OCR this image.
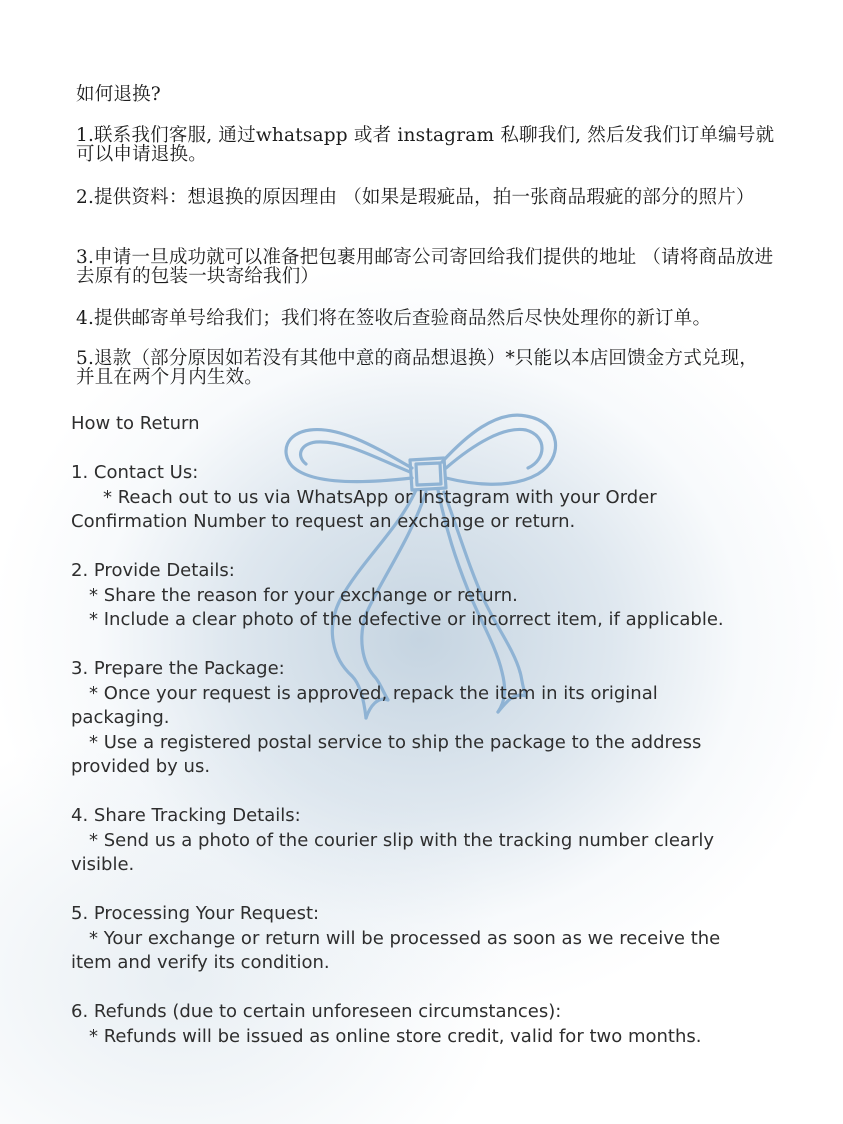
如何退换?
1.联系我们客服, 通过whatsapp 或者 instagram 私聊我们, 然后发我们订单编号就可以申请退换。
2.提供资料：想退换的原因理由 （如果是瑕疵品，拍一张商品瑕疵的部分的照片）
3.申请一旦成功就可以准备把包裹用邮寄公司寄回给我们提供的地址 （请将商品放进去原有的包装一块寄给我们）
4.提供邮寄单号给我们；我们将在签收后查验商品然后尽快处理你的新订单。
5.退款（部分原因如若没有其他中意的商品想退换）*只能以本店回馈金方式兑现，并且在两个月内生效。

How to Return

1. Contact Us:

* Reach out to us via WhatsApp or Instagram with your Order

Confirmation Number to request an exchange or return.

2. Provide Details:

* Share the reason for your exchange or return.

* Include a clear photo of the defective or incorrect item, if applicable.

3. Prepare the Package:

* Once your request is approved, repack the item in its original

packaging.

* Use a registered postal service to ship the package to the address

provided by us.

4. Share Tracking Details:

* Send us a photo of the courier slip with the tracking number clearly

visible.

5. Processing Your Request:

* Your exchange or return will be processed as soon as we receive the

item and verify its condition.

6. Refunds (due to certain unforeseen circumstances):

* Refunds will be issued as online store credit, valid for two months.
